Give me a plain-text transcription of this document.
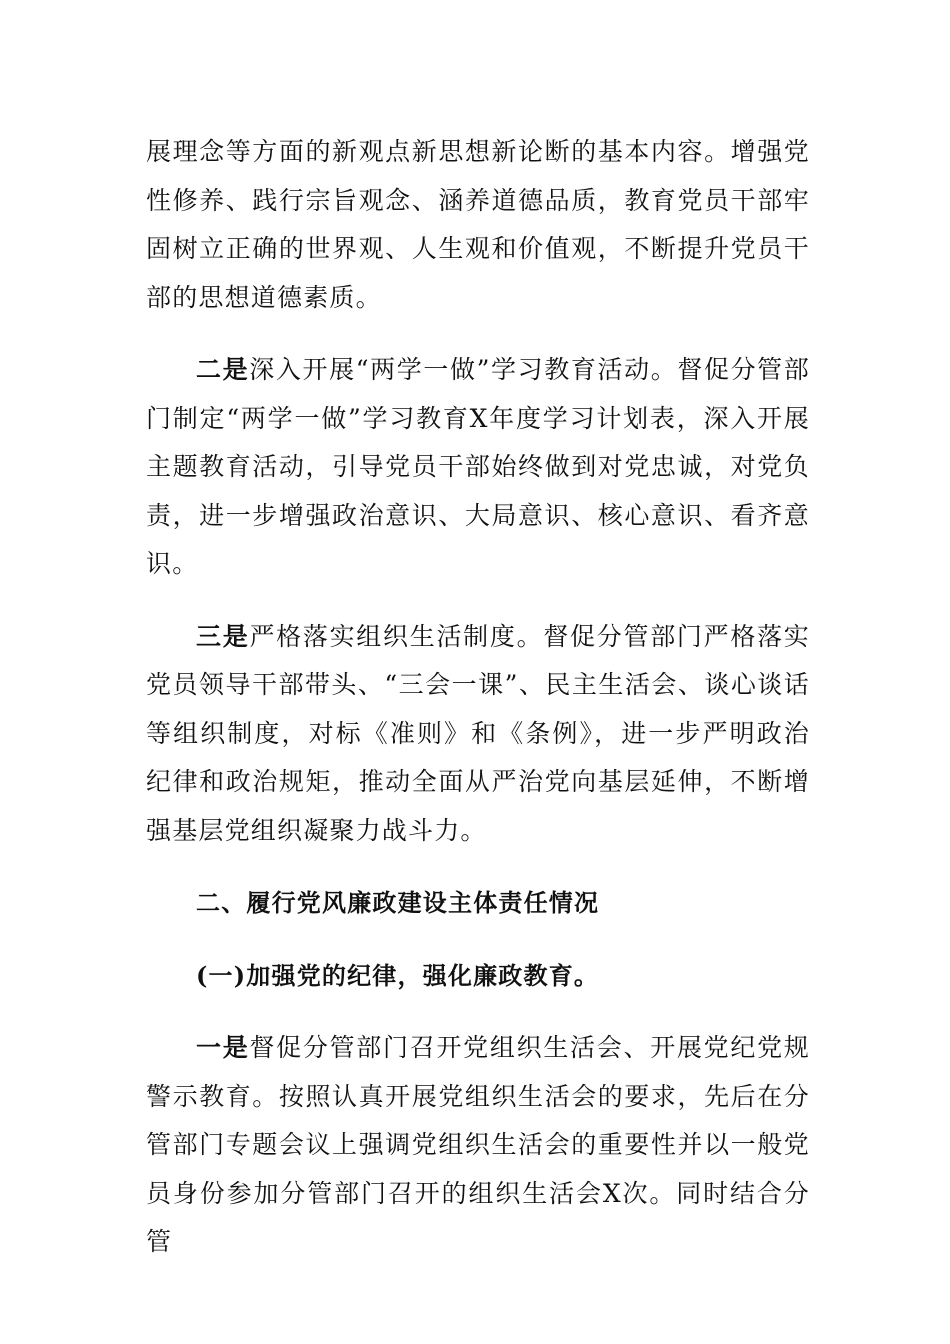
展理念等方面的新观点新思想新论断的基本内容。增强党性修养、践行宗旨观念、涵养道德品质，教育党员干部牢固树立正确的世界观、人生观和价值观，不断提升党员干部的思想道德素质。

二是深入开展“两学一做”学习教育活动。督促分管部门制定“两学一做”学习教育X年度学习计划表，深入开展主题教育活动，引导党员干部始终做到对党忠诚，对党负责，进一步增强政治意识、大局意识、核心意识、看齐意识。

三是严格落实组织生活制度。督促分管部门严格落实党员领导干部带头、“三会一课”、民主生活会、谈心谈话等组织制度，对标《准则》和《条例》，进一步严明政治纪律和政治规矩，推动全面从严治党向基层延伸，不断增强基层党组织凝聚力战斗力。

二、履行党风廉政建设主体责任情况

(一)加强党的纪律，强化廉政教育。

一是督促分管部门召开党组织生活会、开展党纪党规警示教育。按照认真开展党组织生活会的要求，先后在分管部门专题会议上强调党组织生活会的重要性并以一般党员身份参加分管部门召开的组织生活会X次。同时结合分管
